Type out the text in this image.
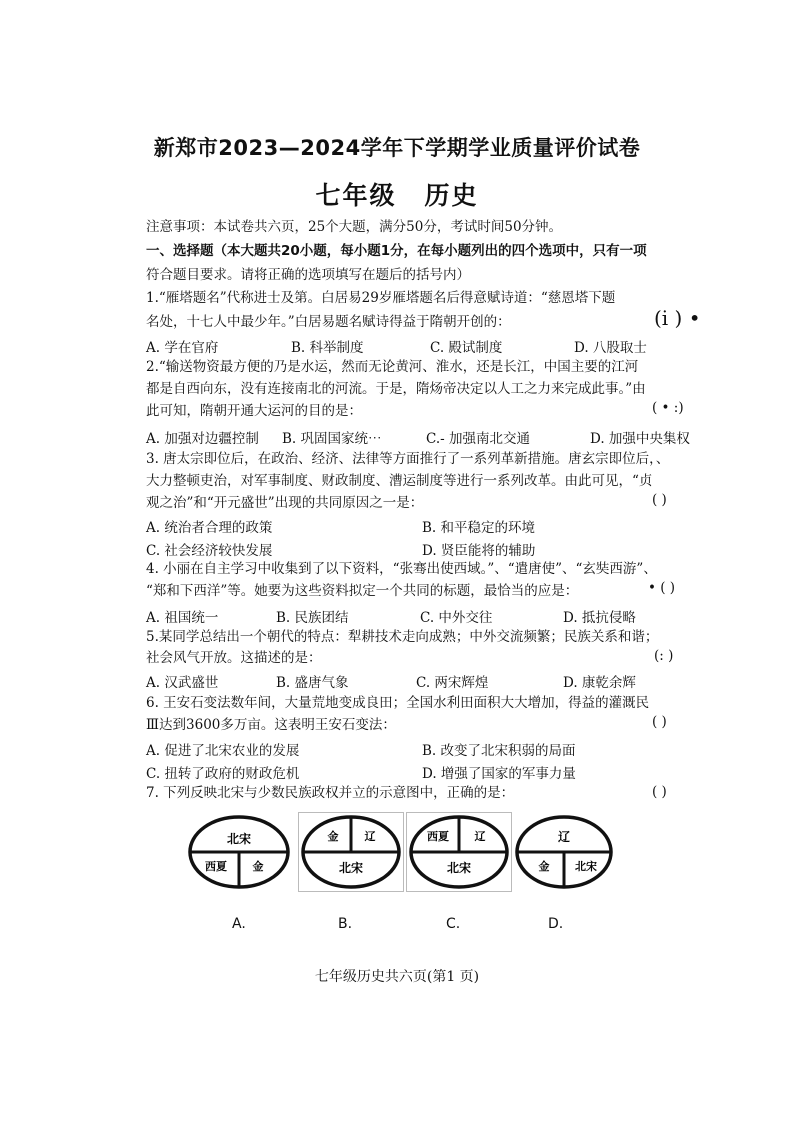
新郑市2023—2024学年下学期学业质量评价试卷
七年级 历史
注意事项：本试卷共六页，25个大题，满分50分，考试时间50分钟。
一、选择题（本大题共20小题，每小题1分，在每小题列出的四个选项中，只有一项
符合题目要求。请将正确的选项填写在题后的括号内）
1.“雁塔题名”代称进士及第。白居易29岁雁塔题名后得意赋诗道：“慈恩塔下题
名处，十七人中最少年。”白居易题名赋诗得益于隋朝开创的：	(i ) •
A. 学在官府	B. 科举制度	C. 殿试制度	D. 八股取士
2.“输送物资最方便的乃是水运，然而无论黄河、淮水，还是长江，中国主要的江河
都是自西向东，没有连接南北的河流。于是，隋炀帝决定以人工之力来完成此事。”由
此可知，隋朝开通大运河的目的是：	( • :)
A. 加强对边疆控制 B. 巩固国家统⋯	C.- 加强南北交通	D. 加强中央集权
3. 唐太宗即位后，在政治、经济、法律等方面推行了一系列革新措施。唐玄宗即位后，、
大力整顿吏治，对军事制度、财政制度、漕运制度等进行一系列改革。由此可见，“贞
观之治”和“开元盛世”出现的共同原因之一是：	( )
A. 统治者合理的政策	B. 和平稳定的环境
C. 社会经济较快发展	D. 贤臣能将的辅助
4. 小丽在自主学习中收集到了以下资料，“张骞出使西域。”、“遣唐使”、“玄奘西游”、
“郑和下西洋”等。她要为这些资料拟定一个共同的标题，最恰当的应是：	• ( )
A. 祖国统一	B. 民族团结	C. 中外交往	D. 抵抗侵略
5.某同学总结出一个朝代的特点：犁耕技术走向成熟；中外交流频繁；民族关系和谐；
社会风气开放。这描述的是：	(: )
A. 汉武盛世	B. 盛唐气象	C. 两宋辉煌	D. 康乾余辉
6. 王安石变法数年间，大量荒地变成良田；全国水利田面积大大增加，得益的灌溉民
Ⅲ达到3600多万亩。这表明王安石变法：	( )
A. 促进了北宋农业的发展	B. 改变了北宋积弱的局面
C. 扭转了政府的财政危机	D. 增强了国家的军事力量
7. 下列反映北宋与少数民族政权并立的示意图中，正确的是：	( )
北宋
西夏 金
金 辽
北宋
西夏 辽
北宋
辽
金 北宋
A.	B.	C.	D.
七年级历史共六页(第1 页)
